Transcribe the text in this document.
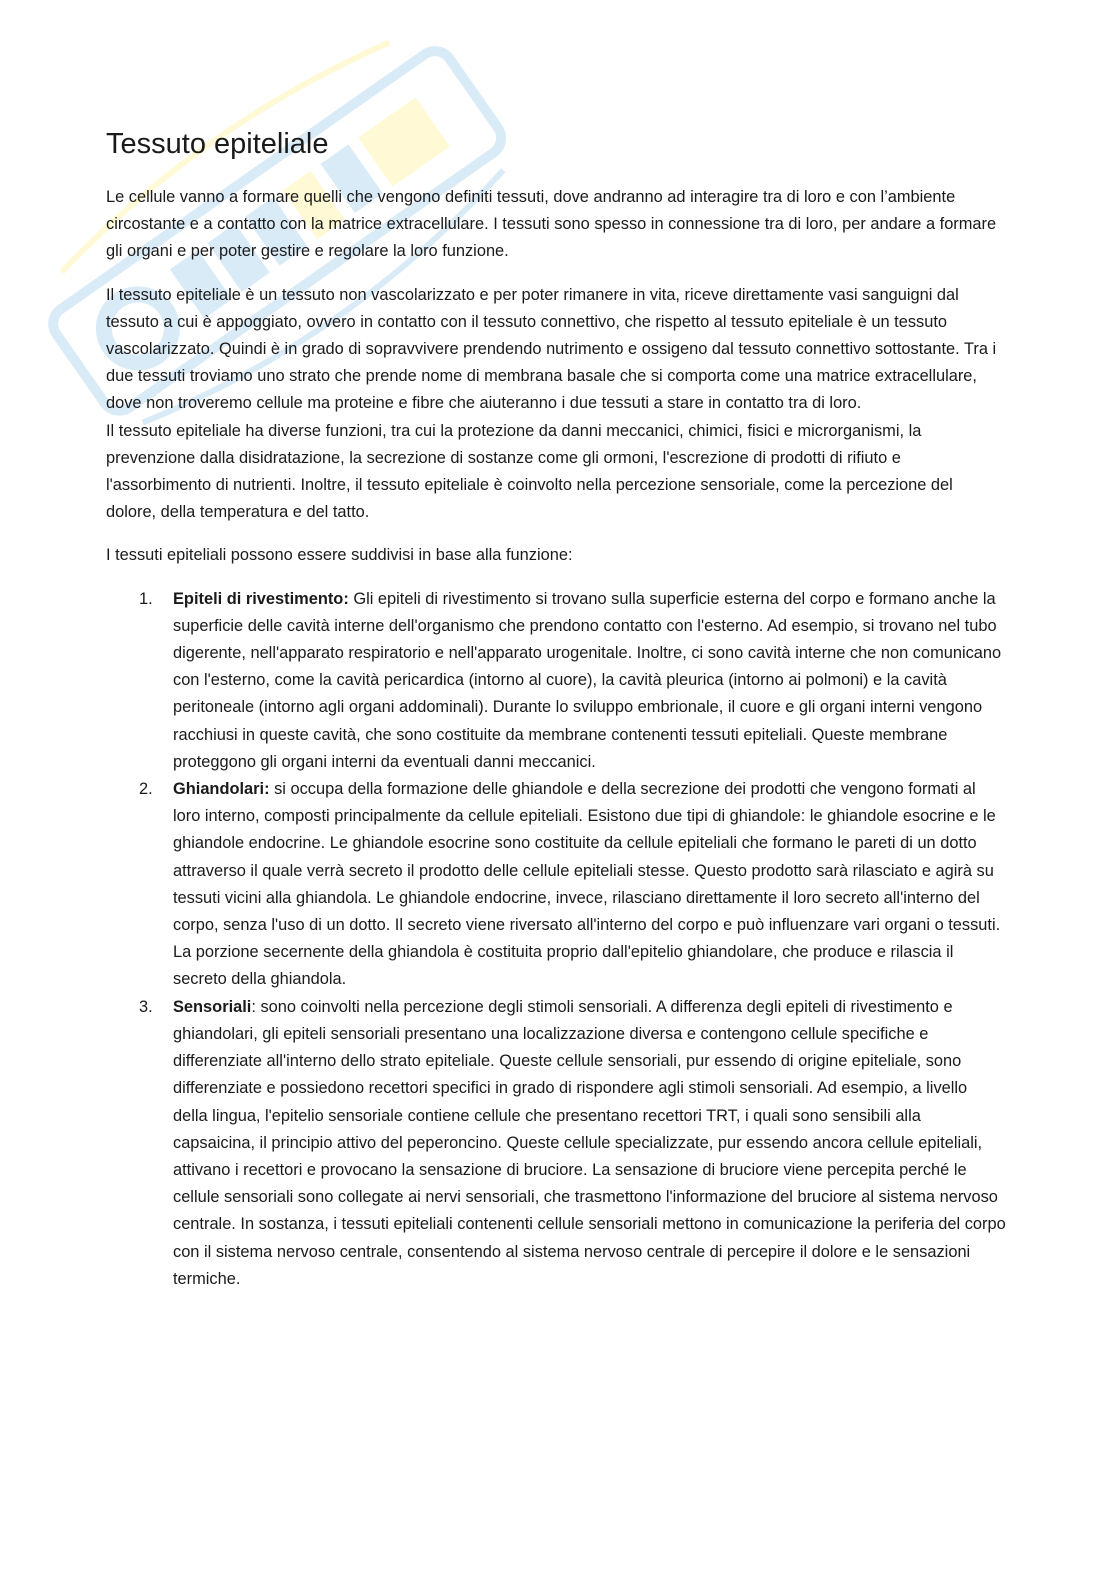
Tessuto epiteliale

Le cellule vanno a formare quelli che vengono definiti tessuti, dove andranno ad interagire tra di loro e con l’ambiente circostante e a contatto con la matrice extracellulare. I tessuti sono spesso in connessione tra di loro, per andare a formare gli organi e per poter gestire e regolare la loro funzione.

Il tessuto epiteliale è un tessuto non vascolarizzato e per poter rimanere in vita, riceve direttamente vasi sanguigni dal tessuto a cui è appoggiato, ovvero in contatto con il tessuto connettivo, che rispetto al tessuto epiteliale è un tessuto vascolarizzato. Quindi è in grado di sopravvivere prendendo nutrimento e ossigeno dal tessuto connettivo sottostante. Tra i due tessuti troviamo uno strato che prende nome di membrana basale che si comporta come una matrice extracellulare, dove non troveremo cellule ma proteine e fibre che aiuteranno i due tessuti a stare in contatto tra di loro.

Il tessuto epiteliale ha diverse funzioni, tra cui la protezione da danni meccanici, chimici, fisici e microrganismi, la prevenzione dalla disidratazione, la secrezione di sostanze come gli ormoni, l'escrezione di prodotti di rifiuto e l'assorbimento di nutrienti. Inoltre, il tessuto epiteliale è coinvolto nella percezione sensoriale, come la percezione del dolore, della temperatura e del tatto.

I tessuti epiteliali possono essere suddivisi in base alla funzione:

1. Epiteli di rivestimento: Gli epiteli di rivestimento si trovano sulla superficie esterna del corpo e formano anche la superficie delle cavità interne dell'organismo che prendono contatto con l'esterno. Ad esempio, si trovano nel tubo digerente, nell'apparato respiratorio e nell'apparato urogenitale. Inoltre, ci sono cavità interne che non comunicano con l'esterno, come la cavità pericardica (intorno al cuore), la cavità pleurica (intorno ai polmoni) e la cavità peritoneale (intorno agli organi addominali). Durante lo sviluppo embrionale, il cuore e gli organi interni vengono racchiusi in queste cavità, che sono costituite da membrane contenenti tessuti epiteliali. Queste membrane proteggono gli organi interni da eventuali danni meccanici.
2. Ghiandolari: si occupa della formazione delle ghiandole e della secrezione dei prodotti che vengono formati al loro interno, composti principalmente da cellule epiteliali. Esistono due tipi di ghiandole: le ghiandole esocrine e le ghiandole endocrine. Le ghiandole esocrine sono costituite da cellule epiteliali che formano le pareti di un dotto attraverso il quale verrà secreto il prodotto delle cellule epiteliali stesse. Questo prodotto sarà rilasciato e agirà su tessuti vicini alla ghiandola. Le ghiandole endocrine, invece, rilasciano direttamente il loro secreto all'interno del corpo, senza l'uso di un dotto. Il secreto viene riversato all'interno del corpo e può influenzare vari organi o tessuti. La porzione secernente della ghiandola è costituita proprio dall'epitelio ghiandolare, che produce e rilascia il secreto della ghiandola.
3. Sensoriali: sono coinvolti nella percezione degli stimoli sensoriali. A differenza degli epiteli di rivestimento e ghiandolari, gli epiteli sensoriali presentano una localizzazione diversa e contengono cellule specifiche e differenziate all'interno dello strato epiteliale. Queste cellule sensoriali, pur essendo di origine epiteliale, sono differenziate e possiedono recettori specifici in grado di rispondere agli stimoli sensoriali. Ad esempio, a livello della lingua, l'epitelio sensoriale contiene cellule che presentano recettori TRT, i quali sono sensibili alla capsaicina, il principio attivo del peperoncino. Queste cellule specializzate, pur essendo ancora cellule epiteliali, attivano i recettori e provocano la sensazione di bruciore. La sensazione di bruciore viene percepita perché le cellule sensoriali sono collegate ai nervi sensoriali, che trasmettono l'informazione del bruciore al sistema nervoso centrale. In sostanza, i tessuti epiteliali contenenti cellule sensoriali mettono in comunicazione la periferia del corpo con il sistema nervoso centrale, consentendo al sistema nervoso centrale di percepire il dolore e le sensazioni termiche.
